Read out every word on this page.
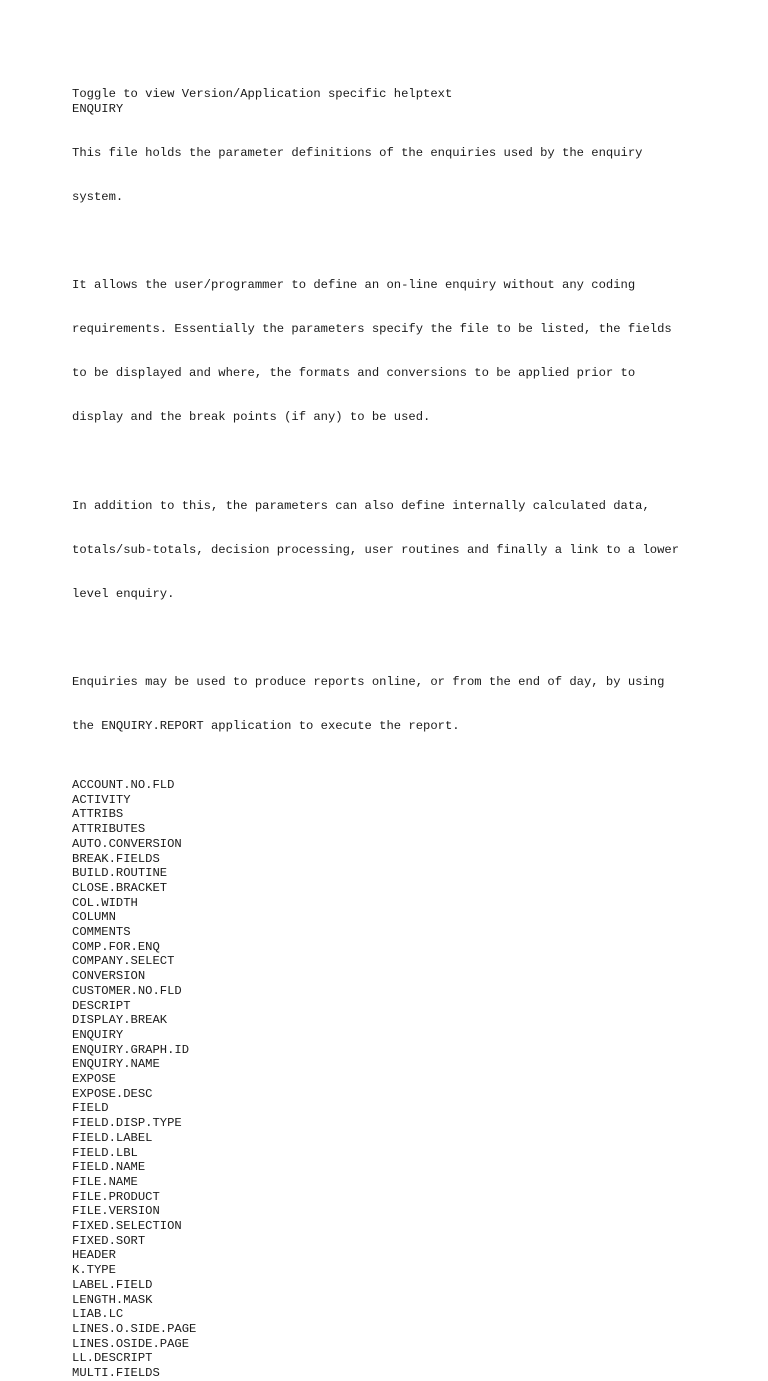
Toggle to view Version/Application specific helptext
ENQUIRY

This file holds the parameter definitions of the enquiries used by the enquiry

system.

It allows the user/programmer to define an on-line enquiry without any coding

requirements. Essentially the parameters specify the file to be listed, the fields

to be displayed and where, the formats and conversions to be applied prior to

display and the break points (if any) to be used.

In addition to this, the parameters can also define internally calculated data,

totals/sub-totals, decision processing, user routines and finally a link to a lower

level enquiry.

Enquiries may be used to produce reports online, or from the end of day, by using

the ENQUIRY.REPORT application to execute the report.

ACCOUNT.NO.FLD
ACTIVITY
ATTRIBS
ATTRIBUTES
AUTO.CONVERSION
BREAK.FIELDS
BUILD.ROUTINE
CLOSE.BRACKET
COL.WIDTH
COLUMN
COMMENTS
COMP.FOR.ENQ
COMPANY.SELECT
CONVERSION
CUSTOMER.NO.FLD
DESCRIPT
DISPLAY.BREAK
ENQUIRY
ENQUIRY.GRAPH.ID
ENQUIRY.NAME
EXPOSE
EXPOSE.DESC
FIELD
FIELD.DISP.TYPE
FIELD.LABEL
FIELD.LBL
FIELD.NAME
FILE.NAME
FILE.PRODUCT
FILE.VERSION
FIXED.SELECTION
FIXED.SORT
HEADER
K.TYPE
LABEL.FIELD
LENGTH.MASK
LIAB.LC
LINES.O.SIDE.PAGE
LINES.OSIDE.PAGE
LL.DESCRIPT
MULTI.FIELDS
